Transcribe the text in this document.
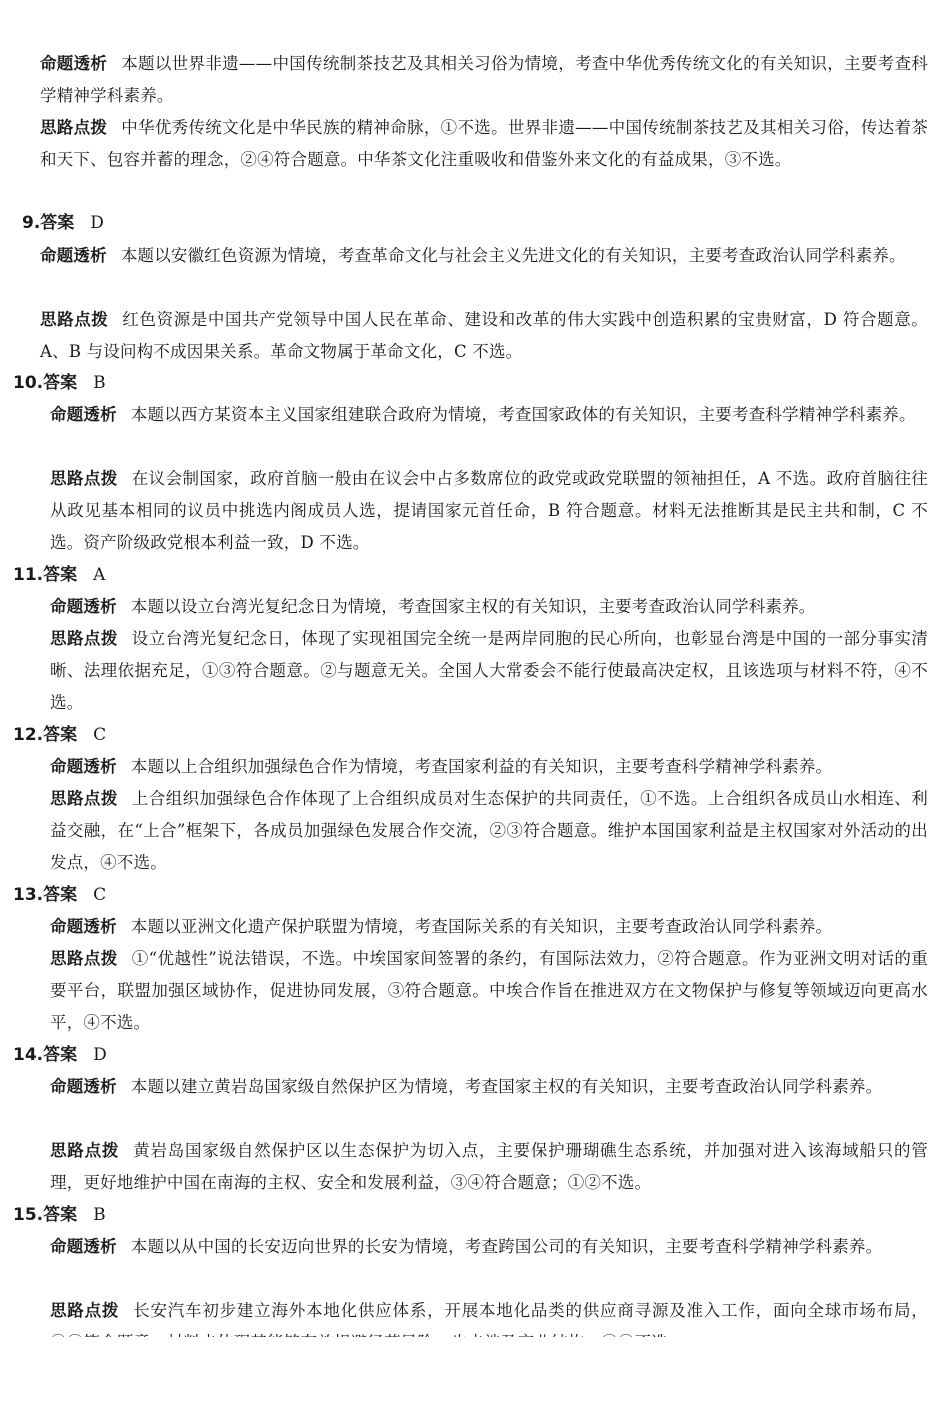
命题透析 本题以世界非遗——中国传统制茶技艺及其相关习俗为情境，考查中华优秀传统文化的有关知识，主要考查科学精神学科素养。
思路点拨 中华优秀传统文化是中华民族的精神命脉，①不选。世界非遗——中国传统制茶技艺及其相关习俗，传达着茶和天下、包容并蓄的理念，②④符合题意。中华茶文化注重吸收和借鉴外来文化的有益成果，③不选。
9.答案 D
命题透析 本题以安徽红色资源为情境，考查革命文化与社会主义先进文化的有关知识，主要考查政治认同学科素养。
思路点拨 红色资源是中国共产党领导中国人民在革命、建设和改革的伟大实践中创造积累的宝贵财富，D 符合题意。A、B 与设问构不成因果关系。革命文物属于革命文化，C 不选。
10.答案 B
命题透析 本题以西方某资本主义国家组建联合政府为情境，考查国家政体的有关知识，主要考查科学精神学科素养。
思路点拨 在议会制国家，政府首脑一般由在议会中占多数席位的政党或政党联盟的领袖担任，A 不选。政府首脑往往从政见基本相同的议员中挑选内阁成员人选，提请国家元首任命，B 符合题意。材料无法推断其是民主共和制，C 不选。资产阶级政党根本利益一致，D 不选。
11.答案 A
命题透析 本题以设立台湾光复纪念日为情境，考查国家主权的有关知识，主要考查政治认同学科素养。
思路点拨 设立台湾光复纪念日，体现了实现祖国完全统一是两岸同胞的民心所向，也彰显台湾是中国的一部分事实清晰、法理依据充足，①③符合题意。②与题意无关。全国人大常委会不能行使最高决定权，且该选项与材料不符，④不选。
12.答案 C
命题透析 本题以上合组织加强绿色合作为情境，考查国家利益的有关知识，主要考查科学精神学科素养。
思路点拨 上合组织加强绿色合作体现了上合组织成员对生态保护的共同责任，①不选。上合组织各成员山水相连、利益交融，在“上合”框架下，各成员加强绿色发展合作交流，②③符合题意。维护本国国家利益是主权国家对外活动的出发点，④不选。
13.答案 C
命题透析 本题以亚洲文化遗产保护联盟为情境，考查国际关系的有关知识，主要考查政治认同学科素养。
思路点拨 ①“优越性”说法错误，不选。中埃国家间签署的条约，有国际法效力，②符合题意。作为亚洲文明对话的重要平台，联盟加强区域协作，促进协同发展，③符合题意。中埃合作旨在推进双方在文物保护与修复等领域迈向更高水平，④不选。
14.答案 D
命题透析 本题以建立黄岩岛国家级自然保护区为情境，考查国家主权的有关知识，主要考查政治认同学科素养。
思路点拨 黄岩岛国家级自然保护区以生态保护为切入点，主要保护珊瑚礁生态系统，并加强对进入该海域船只的管理，更好地维护中国在南海的主权、安全和发展利益，③④符合题意；①②不选。
15.答案 B
命题透析 本题以从中国的长安迈向世界的长安为情境，考查跨国公司的有关知识，主要考查科学精神学科素养。
思路点拨 长安汽车初步建立海外本地化供应体系，开展本地化品类的供应商寻源及准入工作，面向全球市场布局，
